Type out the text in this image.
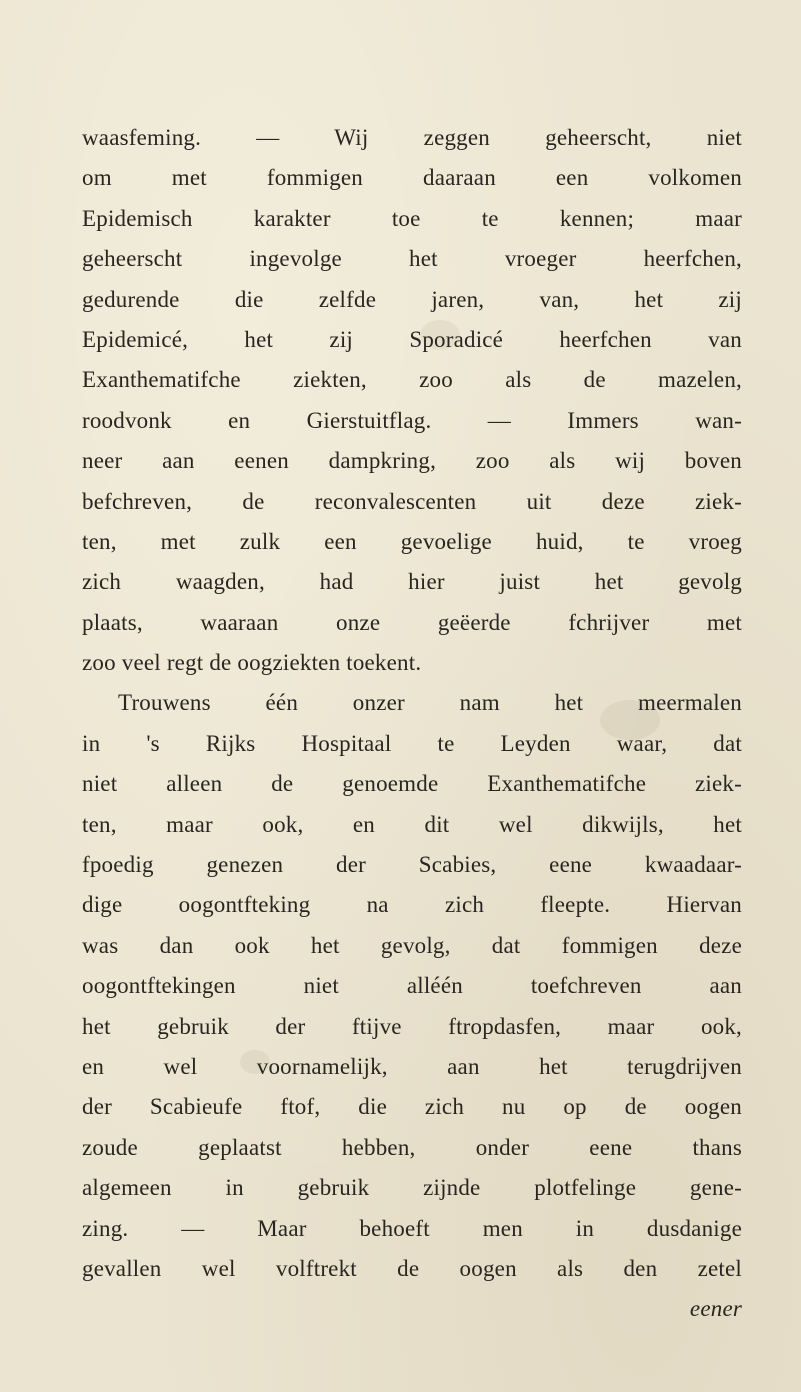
waasfeming. — Wij zeggen geheerscht, niet
om met fommigen daaraan een volkomen
Epidemisch karakter toe te kennen; maar
geheerscht ingevolge het vroeger heerfchen,
gedurende die zelfde jaren, van, het zij
Epidemicé, het zij Sporadicé heerfchen van
Exanthematifche ziekten, zoo als de mazelen,
roodvonk en Gierstuitflag. — Immers wan-
neer aan eenen dampkring, zoo als wij boven
befchreven, de reconvalescenten uit deze ziek-
ten, met zulk een gevoelige huid, te vroeg
zich waagden, had hier juist het gevolg
plaats, waaraan onze geëerde fchrijver met
zoo veel regt de oogziekten toekent.
Trouwens één onzer nam het meermalen
in 's Rijks Hospitaal te Leyden waar, dat
niet alleen de genoemde Exanthematifche ziek-
ten, maar ook, en dit wel dikwijls, het
fpoedig genezen der Scabies, eene kwaadaar-
dige oogontfteking na zich fleepte. Hiervan
was dan ook het gevolg, dat fommigen deze
oogontftekingen niet alléén toefchreven aan
het gebruik der ftijve ftropdasfen, maar ook,
en wel voornamelijk, aan het terugdrijven
der Scabieufe ftof, die zich nu op de oogen
zoude geplaatst hebben, onder eene thans
algemeen in gebruik zijnde plotfelinge gene-
zing. — Maar behoeft men in dusdanige
gevallen wel volftrekt de oogen als den zetel
eener
